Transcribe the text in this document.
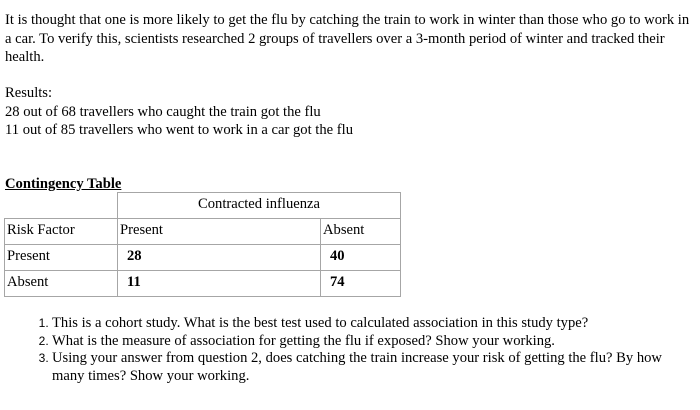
It is thought that one is more likely to get the flu by catching the train to work in winter than those who go to work in a car. To verify this, scientists researched 2 groups of travellers over a 3-month period of winter and tracked their health.
Results:
28 out of 68 travellers who caught the train got the flu
11 out of 85 travellers who went to work in a car got the flu
Contingency Table
	Contracted influenza	
Risk Factor	Present	Absent
Present	28	40
Absent	11	74
1. This is a cohort study. What is the best test used to calculated association in this study type?
2. What is the measure of association for getting the flu if exposed? Show your working.
3. Using your answer from question 2, does catching the train increase your risk of getting the flu? By how many times? Show your working.
